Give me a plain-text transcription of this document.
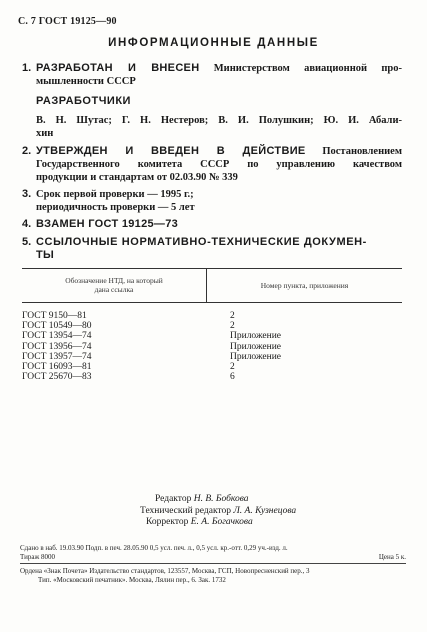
С. 7 ГОСТ 19125—90
ИНФОРМАЦИОННЫЕ ДАННЫЕ
1. РАЗРАБОТАН И ВНЕСЕН Министерством авиационной про-
мышленности СССР
РАЗРАБОТЧИКИ
В. Н. Шутас; Г. Н. Нестеров; В. И. Полушкин; Ю. И. Абали-
хин
2. УТВЕРЖДЕН И ВВЕДЕН В ДЕЙСТВИЕ Постановлением
Государственного комитета СССР по управлению качеством
продукции и стандартам от 02.03.90 № 339
3. Срок первой проверки — 1995 г.;
периодичность проверки — 5 лет
4. ВЗАМЕН ГОСТ 19125—73
5. ССЫЛОЧНЫЕ НОРМАТИВНО-ТЕХНИЧЕСКИЕ ДОКУМЕН-
ТЫ
Обозначение НТД, на который
дана ссылка	Номер пункта, приложения
ГОСТ 9150—81	2
ГОСТ 10549—80	2
ГОСТ 13954—74	Приложение
ГОСТ 13956—74	Приложение
ГОСТ 13957—74	Приложение
ГОСТ 16093—81	2
ГОСТ 25670—83	6
Редактор Н. В. Бобкова
Технический редактор Л. А. Кузнецова
Корректор Е. А. Богачкова
Сдано в наб. 19.03.90 Подп. в печ. 28.05.90 0,5 усл. печ. л., 0,5 усл. кр.-отт. 0,29 уч.-изд. л.
Тираж 8000	Цена 5 к.
Ордена «Знак Почета» Издательство стандартов, 123557, Москва, ГСП, Новопресненский пер., 3
Тип. «Московский печатник». Москва, Лялин пер., 6. Зак. 1732
